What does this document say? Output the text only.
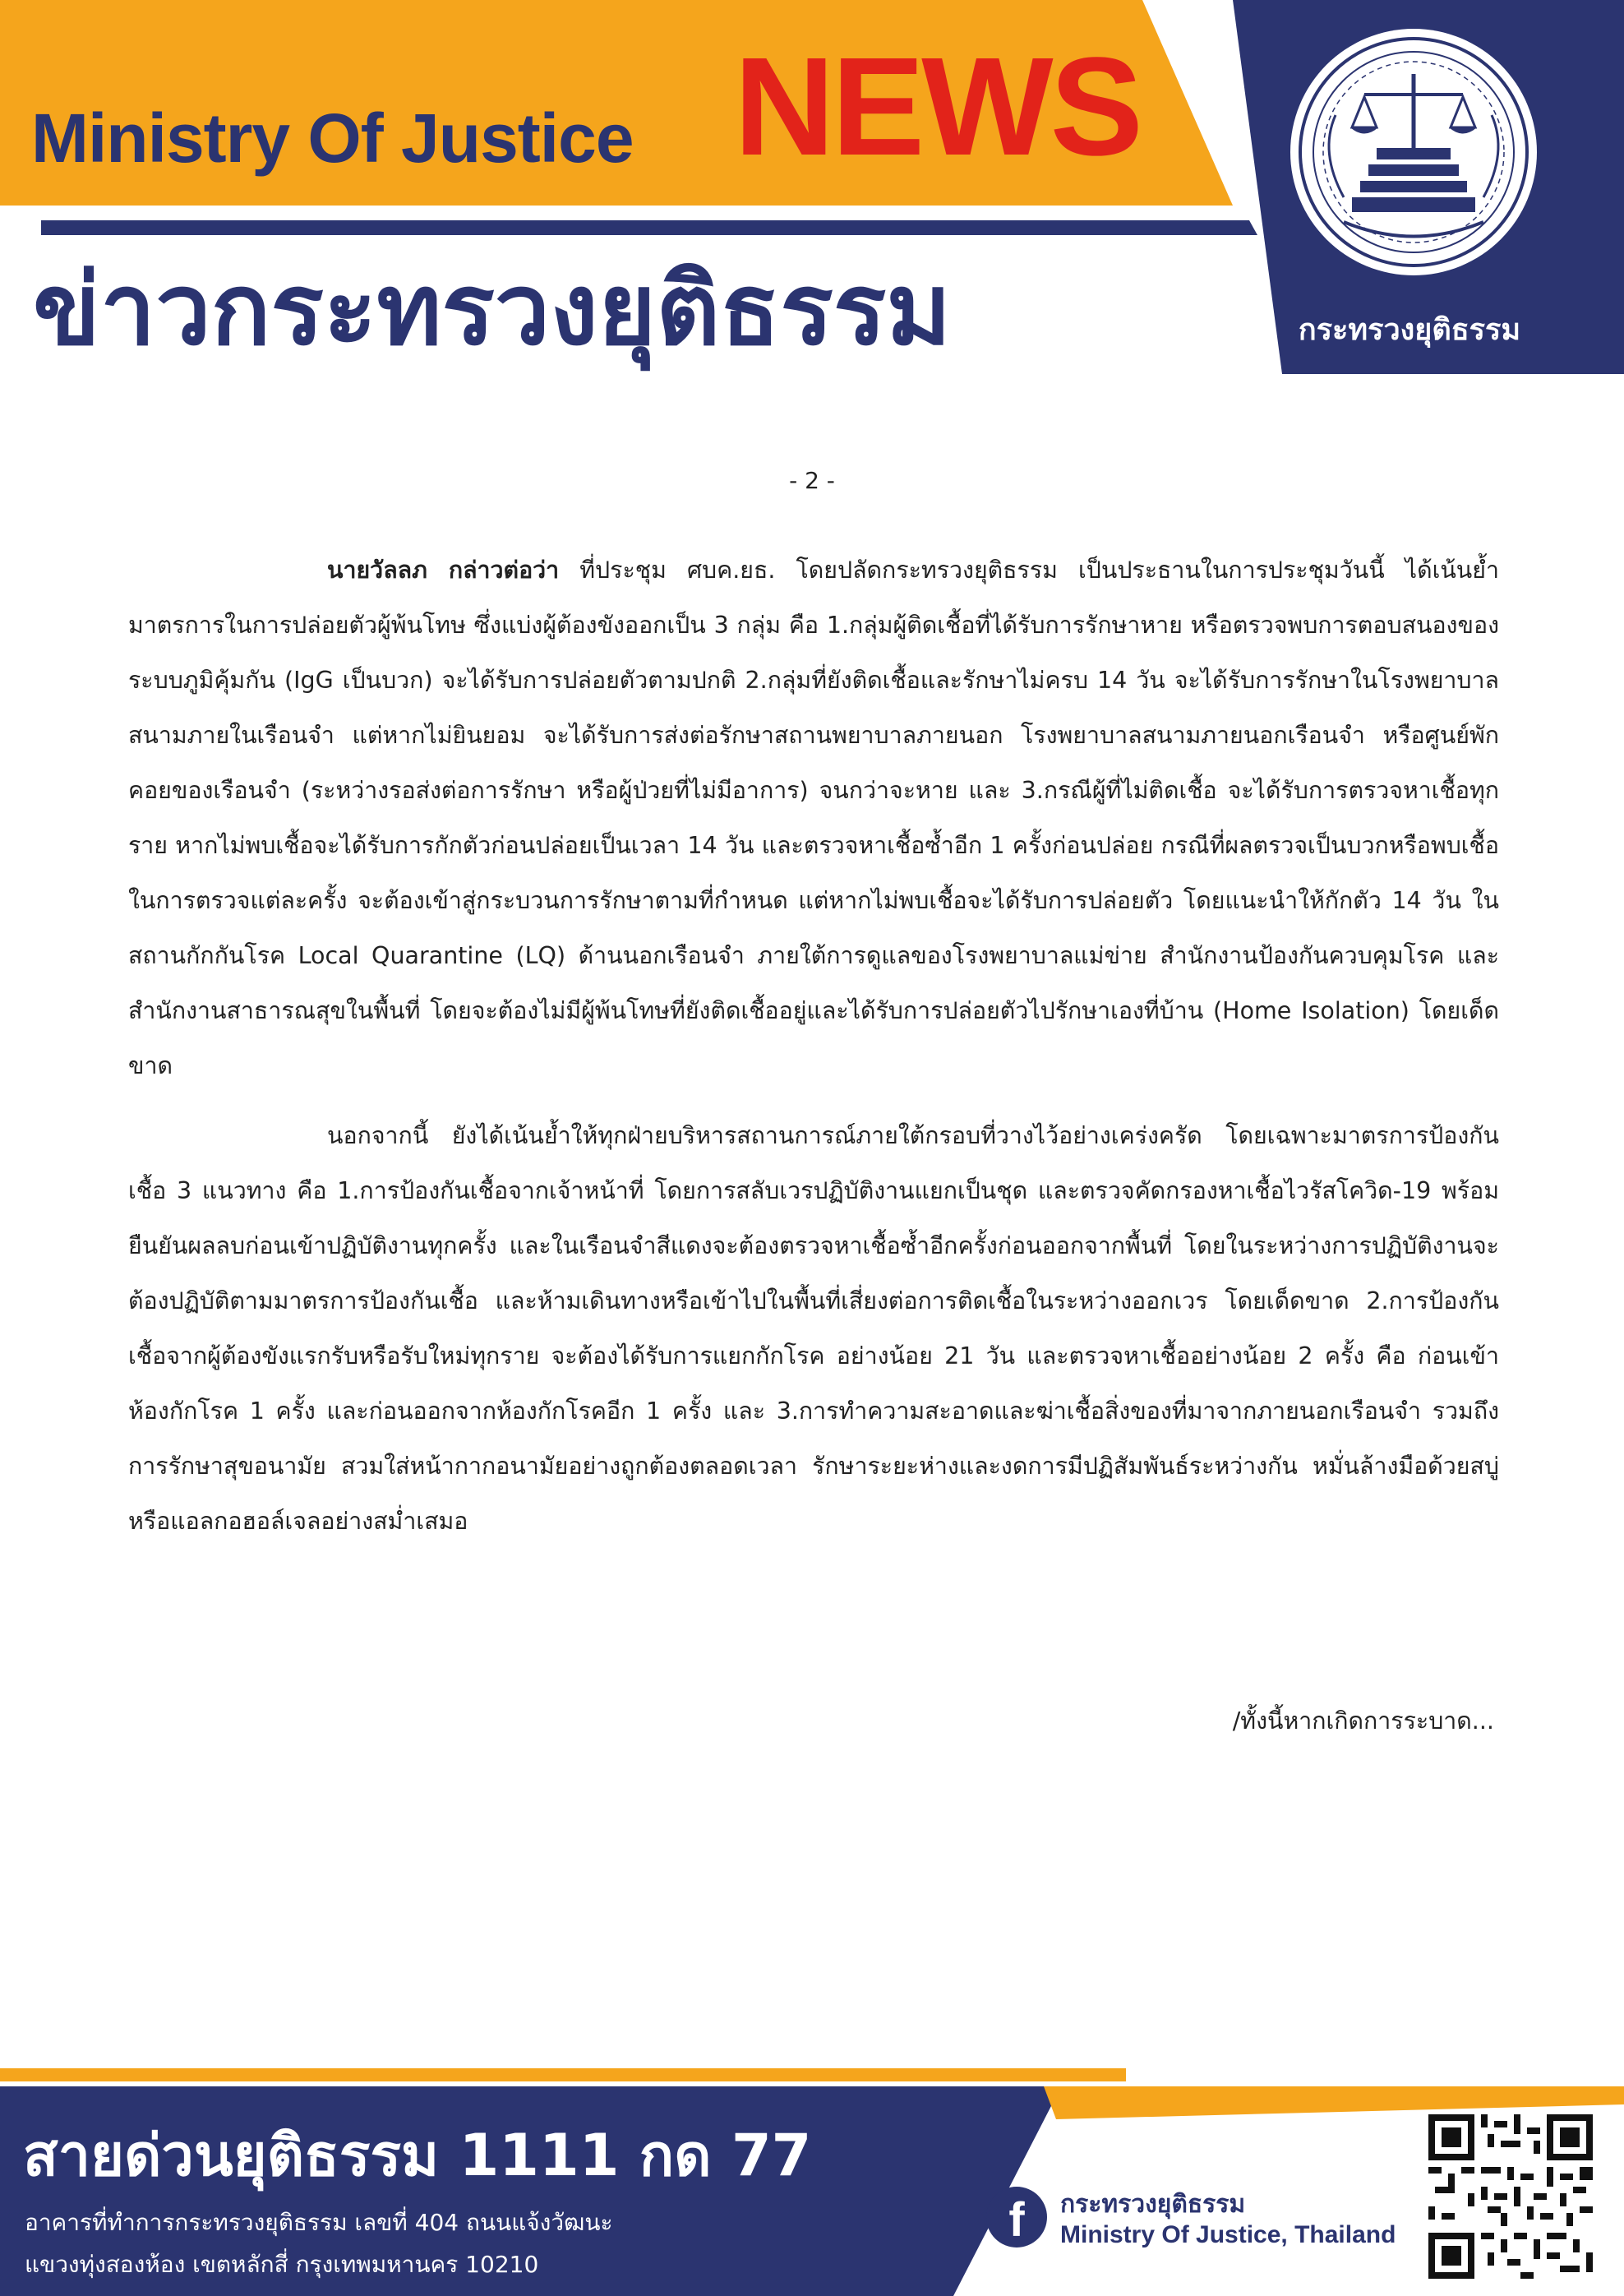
Ministry Of Justice NEWS
ข่าวกระทรวงยุติธรรม	กระทรวงยุติธรรม
- 2 -

นายวัลลภ กล่าวต่อว่า ที่ประชุม ศบค.ยธ. โดยปลัดกระทรวงยุติธรรม เป็นประธานในการประชุมวันนี้ ได้เน้นย้ำมาตรการในการปล่อยตัวผู้พ้นโทษ ซึ่งแบ่งผู้ต้องขังออกเป็น 3 กลุ่ม คือ 1.กลุ่มผู้ติดเชื้อที่ได้รับการรักษาหาย หรือตรวจพบการตอบสนองของระบบภูมิคุ้มกัน (IgG เป็นบวก) จะได้รับการปล่อยตัวตามปกติ 2.กลุ่มที่ยังติดเชื้อและรักษาไม่ครบ 14 วัน จะได้รับการรักษาในโรงพยาบาลสนามภายในเรือนจำ แต่หากไม่ยินยอม จะได้รับการส่งต่อรักษาสถานพยาบาลภายนอก โรงพยาบาลสนามภายนอกเรือนจำ หรือศูนย์พักคอยของเรือนจำ (ระหว่างรอส่งต่อการรักษา หรือผู้ป่วยที่ไม่มีอาการ) จนกว่าจะหาย และ 3.กรณีผู้ที่ไม่ติดเชื้อ จะได้รับการตรวจหาเชื้อทุกราย หากไม่พบเชื้อจะได้รับการกักตัวก่อนปล่อยเป็นเวลา 14 วัน และตรวจหาเชื้อซ้ำอีก 1 ครั้งก่อนปล่อย กรณีที่ผลตรวจเป็นบวกหรือพบเชื้อในการตรวจแต่ละครั้ง จะต้องเข้าสู่กระบวนการรักษาตามที่กำหนด แต่หากไม่พบเชื้อจะได้รับการปล่อยตัว โดยแนะนำให้กักตัว 14 วัน ในสถานกักกันโรค Local Quarantine (LQ) ด้านนอกเรือนจำ ภายใต้การดูแลของโรงพยาบาลแม่ข่าย สำนักงานป้องกันควบคุมโรค และสำนักงานสาธารณสุขในพื้นที่ โดยจะต้องไม่มีผู้พ้นโทษที่ยังติดเชื้ออยู่และได้รับการปล่อยตัวไปรักษาเองที่บ้าน (Home Isolation) โดยเด็ดขาด

นอกจากนี้ ยังได้เน้นย้ำให้ทุกฝ่ายบริหารสถานการณ์ภายใต้กรอบที่วางไว้อย่างเคร่งครัด โดยเฉพาะมาตรการป้องกันเชื้อ 3 แนวทาง คือ 1.การป้องกันเชื้อจากเจ้าหน้าที่ โดยการสลับเวรปฏิบัติงานแยกเป็นชุด และตรวจคัดกรองหาเชื้อไวรัสโควิด-19 พร้อมยืนยันผลลบก่อนเข้าปฏิบัติงานทุกครั้ง และในเรือนจำสีแดงจะต้องตรวจหาเชื้อซ้ำอีกครั้งก่อนออกจากพื้นที่ โดยในระหว่างการปฏิบัติงานจะต้องปฏิบัติตามมาตรการป้องกันเชื้อ และห้ามเดินทางหรือเข้าไปในพื้นที่เสี่ยงต่อการติดเชื้อในระหว่างออกเวร โดยเด็ดขาด 2.การป้องกันเชื้อจากผู้ต้องขังแรกรับหรือรับใหม่ทุกราย จะต้องได้รับการแยกกักโรค อย่างน้อย 21 วัน และตรวจหาเชื้ออย่างน้อย 2 ครั้ง คือ ก่อนเข้าห้องกักโรค 1 ครั้ง และก่อนออกจากห้องกักโรคอีก 1 ครั้ง และ 3.การทำความสะอาดและฆ่าเชื้อสิ่งของที่มาจากภายนอกเรือนจำ รวมถึงการรักษาสุขอนามัย สวมใส่หน้ากากอนามัยอย่างถูกต้องตลอดเวลา รักษาระยะห่างและงดการมีปฏิสัมพันธ์ระหว่างกัน หมั่นล้างมือด้วยสบู่หรือแอลกอฮอล์เจลอย่างสม่ำเสมอ

/ทั้งนี้หากเกิดการระบาด...
สายด่วนยุติธรรม 1111 กด 77
อาคารที่ทำการกระทรวงยุติธรรม เลขที่ 404 ถนนแจ้งวัฒนะ
แขวงทุ่งสองห้อง เขตหลักสี่ กรุงเทพมหานคร 10210
f	กระทรวงยุติธรรม
Ministry Of Justice, Thailand
